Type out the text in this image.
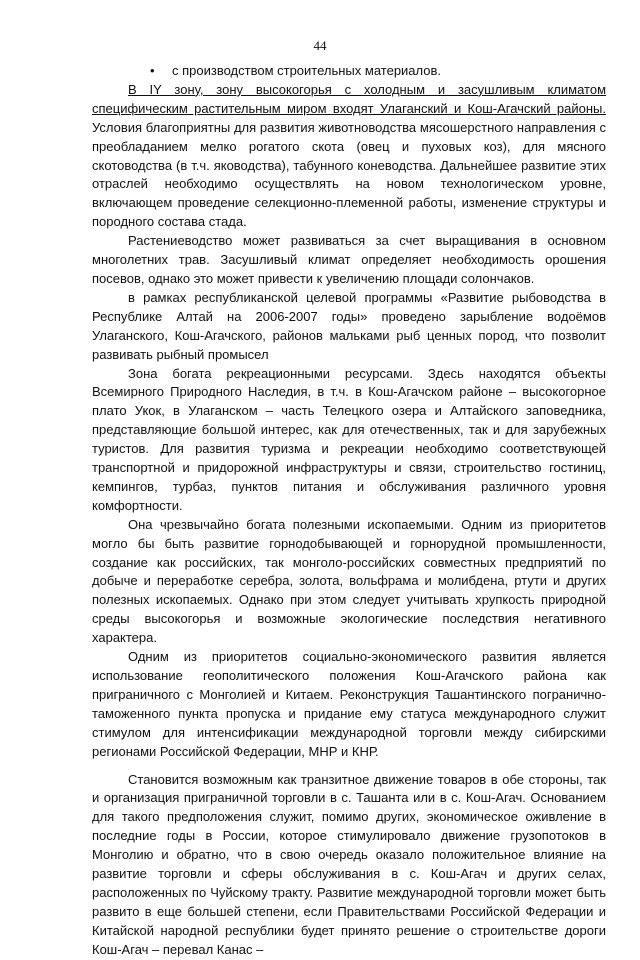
44
•	с производством строительных материалов.

В IY зону, зону высокогорья с холодным и засушливым климатом специфическим растительным миром входят Улаганский и Кош-Агачский районы. Условия благоприятны для развития животноводства мясошерстного направления с преобладанием мелко рогатого скота (овец и пуховых коз), для мясного скотоводства (в т.ч. яководства), табунного коневодства. Дальнейшее развитие этих отраслей необходимо осуществлять на новом технологическом уровне, включающем проведение селекционно-племенной работы, изменение структуры и породного состава стада.

Растениеводство может развиваться за счет выращивания в основном многолетних трав. Засушливый климат определяет необходимость орошения посевов, однако это может привести к увеличению площади солончаков.

в рамках республиканской целевой программы «Развитие рыбоводства в Республике Алтай на 2006-2007 годы» проведено зарыбление водоёмов Улаганского, Кош-Агачского, районов мальками рыб ценных пород, что позволит развивать рыбный промысел

Зона богата рекреационными ресурсами. Здесь находятся объекты Всемирного Природного Наследия, в т.ч. в Кош-Агачском районе – высокогорное плато Укок, в Улаганском – часть Телецкого озера и Алтайского заповедника, представляющие большой интерес, как для отечественных, так и для зарубежных туристов. Для развития туризма и рекреации необходимо соответствующей транспортной и придорожной инфраструктуры и связи, строительство гостиниц, кемпингов, турбаз, пунктов питания и обслуживания различного уровня комфортности.

Она чрезвычайно богата полезными ископаемыми. Одним из приоритетов могло бы быть развитие горнодобывающей и горнорудной промышленности, создание как российских, так монголо-российских совместных предприятий по добыче и переработке серебра, золота, вольфрама и молибдена, ртути и других полезных ископаемых. Однако при этом следует учитывать хрупкость природной среды высокогорья и возможные экологические последствия негативного характера.

Одним из приоритетов социально-экономического развития является использование геополитического положения Кош-Агачского района как приграничного с Монголией и Китаем. Реконструкция Ташантинского погранично-таможенного пункта пропуска и придание ему статуса международного служит стимулом для интенсификации международной торговли между сибирскими регионами Российской Федерации, МНР и КНР.

Становится возможным как транзитное движение товаров в обе стороны, так и организация приграничной торговли в с. Ташанта или в с. Кош-Агач. Основанием для такого предположения служит, помимо других, экономическое оживление в последние годы в России, которое стимулировало движение грузопотоков в Монголию и обратно, что в свою очередь оказало положительное влияние на развитие торговли и сферы обслуживания в с. Кош-Агач и других селах, расположенных по Чуйскому тракту. Развитие международной торговли может быть развито в еще большей степени, если Правительствами Российской Федерации и Китайской народной республики будет принято решение о строительстве дороги Кош-Агач – перевал Канас –
